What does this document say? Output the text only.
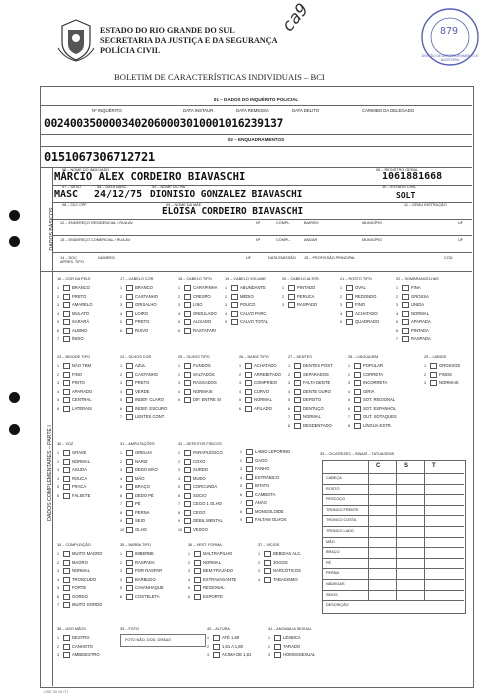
ESTADO DO RIO GRANDE DO SUL
SECRETARIA DA JUSTIÇA E DA SEGURANÇA
POLÍCIA CIVIL
ca9	879
DIVISÃO DE ASSESSORAMENTO E AUDITORIA
BOLETIM DE CARACTERÍSTICAS INDIVIDUAIS – BCI
01 – DADOS DO INQUÉRITO POLICIAL
Nº INQUÉRITO	DATA INSTAUR.	DATA REMESSA	DATA DELITO	CARIMBO DA DELEGADO
0024003500003402060003010001016239137
02 – ENQUADRAMENTOS
0151067306712721
05 – NOME DO INDICIADO	06 – REGISTRO GERAL
MÁRCIO ALEX CORDEIRO BIAVASCHI	1061881668
07 – SEXO	08 – DATA NASC.	09 – NOME DO PAI	10 – ESTADO CIVIL
MASC 24/12/75 DIONISIO GONZALEZ BIAVASCHI	SOLT
08 – CIC/ CPF	09 – NOME DA MÃE	11 – GRAU INSTRUÇÃO
ELOISA CORDEIRO BIAVASCHI
12 – ENDEREÇO RESIDENCIAL / RUA AV.	Nº	COMPL.	BAIRRO	MUNICÍPIO	UF
13 – ENDEREÇO COMERCIAL / RUA AV.	Nº	COMPL.	ANDAR	MUNICÍPIO	UF
14 – DOC. APRES. TIPO
NÚMERO	UF	DATA EMISSÃO 15 – PROFISSÃO PRINCIPAL	COD
DADOS BÁSICOS
DADOS COMPLEMENTARES – PARTE I
16 – COR DA PELE
1	BRANCO
2	PRETO
3	AMARELO
4	MULATO
5	SARARÁ
6	ALBINO
7	ÍNDIO
17 – CABELO COR
1	BRANCO
2	CASTANHO
3	GRISALHO
4	LOIRO
5	PRETO
6	RUIVO
18 – CABELO TIPO
1	CARAPINHA
2	CRESPO
3	LISO
4	ONDULADO
5	ALISADO
6	RASTAFARI
19 – CABELO VOLUME
1	ABUNDANTE
2	MÉDIO
3	POUCO
4	CALVO PARC.
5	CALVO TOTAL
20 – CABELO ALTER.
1	PINTADO
2	PERUCA
3	RASPADO
21 – ROSTO TIPO
1	OVAL
2	REDONDO
3	FINO
4	ACHATADO
5	QUADRADO
22 – SOMBRANCELHAS
1	FINA
2	GROSSA
3	UNIDA
4	NORMAL
5	APARADA
6	PINTADA
7	RASPADA
23 – BIGODE TIPO
1	NÃO TEM
2	FINO
3	PINTO
4	APARADO
5	CENTRAL
6	LATERAIS
24 – OLHOS COR
1	AZUL
2	CASTANHO
3	PRETO
4	VERDE
5	INDEF. CLARO
6	INDEF. ESCURO
7	LENTES CONT.
25 – OLHOS TIPO
1	FUNDOS
2	SALTADOS
3	RASGADOS
4	NORMAIS
5	DIF. ENTRE SI
26 – NARIZ TIPO
1	ACHATADO
2	ARREBITADO
3	COMPRIDO
4	CURVO
5	NORMAL
6	AFILADO
27 – DENTES
1	DENTES POST.
2	SEPARADOS
3	FALTA DENTE
4	DENTE OURO
5	DEFEITO
6	DENTUÇO
7	NORMAL
8	DESDENTADO
28 – LINGUAJEM
1	POPULAR
2	CORRETA
3	INCORRETA
4	GÍRIA
5	SOT. REGIONAL
6	SOT. ESPANHOL
7	OUT. SOTAQUES
8	LÍNGUA ESTR.
29 – LÁBIOS
1	GROSSOS
2	FINOS
3	NORMAIS
30 – VOZ
1	GRAVE
2	NORMAL
3	AGUDA
4	ROUCA
5	FRACA
6	FALSETE
31 – AMPUTAÇÕES
1	ORELHA
2	NARIZ
3	DEDO MÃO
4	MÃO
5	BRAÇO
6	DEDO PÉ
7	PÉ
8	PERNA
9	SEIO
10	OLHO
32 – DEFEITOS FÍSICOS
1	PARAPLÉGICO
2	COXO
3	SURDO
4	MUDO
5	CORCUNDA
6	SOCIO
7	CEGO 1 OLHO
8	CEGO
9	DÉBIL MENTAL
10	VESGO
1	LÁBIO LEPORINO
2	GAGO
3	FANHO
4	ESTRÁBICO
5	BITATO
6	CAMBOTA
7	ANÃO
8	MONGOLOIDE
9	FALTAM OLHOS
34 – COMPLEIÇÃO
1	MUITO MAGRO
2	MAGRO
3	NORMAL
4	TRONCUDO
5	FORTE
6	GORDO
7	MUITO GORDO
35 – BARBA TIPO
1	IMBERBE
2	RASPADA
3	POR RASPAR
4	BARBUDO
5	CAVANHAQUE
6	COSTELETA
36 – VEST. FORMA
1	MALTRAPILHO
2	NORMAL
3	BEM-TRAJADO
4	EXTRAVAGANTE
5	REGIONAL
6	ESPORTE
37 – VÍCIOS
1	BEBIDAS ALC.
2	JOGOS
3	NARCÓTICOS
4	TABAGISMO
38 – USO MÃOS
1	DESTRO
2	CANHOTO
3	AMBIDESTRO
39 – FOTO
FOTO NÃO, DOD. GRÁAO
40 – ALTURA
1	ATÉ 1,60
2	1,61 A 1,80
3	ACIMA DE 1,81
41 – ANOMALIA SEXUAL
1	LÉSBICA
2	TARADO
3	HOMOSSEXUAL
33 – CICATRIZES – SINAIS – TATUAGENS
C	S	T
CABEÇA
ROSTO
PESCOÇO
TRONCO FRENTE
TRONCO COSTA
TRONCO LADO
MÃO
BRAÇO
PÉ
PERNA
NÁDEGAS
SEIOS
DESCRIÇÃO
USE 00 IM ITI
